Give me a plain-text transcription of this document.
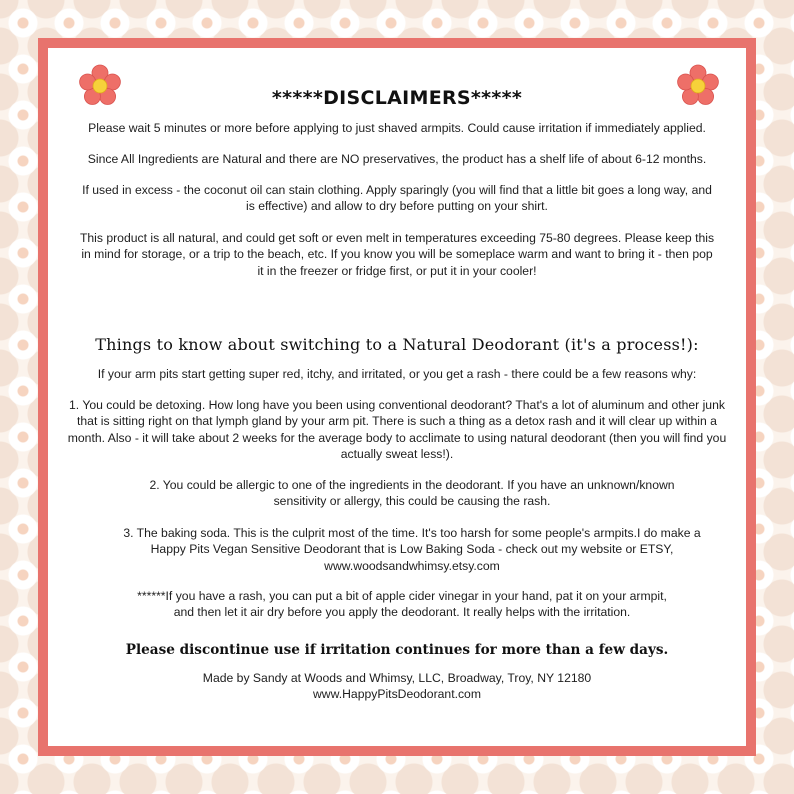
*****DISCLAIMERS*****

Please wait 5 minutes or more before applying to just shaved armpits. Could cause irritation if immediately applied.

Since All Ingredients are Natural and there are NO preservatives, the product has a shelf life of about 6-12 months.

If used in excess - the coconut oil can stain clothing. Apply sparingly (you will find that a little bit goes a long way, and is effective) and allow to dry before putting on your shirt.

This product is all natural, and could get soft or even melt in temperatures exceeding 75-80 degrees. Please keep this in mind for storage, or a trip to the beach, etc. If you know you will be someplace warm and want to bring it - then pop it in the freezer or fridge first, or put it in your cooler!

Things to know about switching to a Natural Deodorant (it's a process!):

If your arm pits start getting super red, itchy, and irritated, or you get a rash - there could be a few reasons why:

1. You could be detoxing. How long have you been using conventional deodorant? That's a lot of aluminum and other junk that is sitting right on that lymph gland by your arm pit. There is such a thing as a detox rash and it will clear up within a month. Also - it will take about 2 weeks for the average body to acclimate to using natural deodorant (then you will find you actually sweat less!).

2. You could be allergic to one of the ingredients in the deodorant. If you have an unknown/known sensitivity or allergy, this could be causing the rash.

3. The baking soda. This is the culprit most of the time. It's too harsh for some people's armpits.I do make a Happy Pits Vegan Sensitive Deodorant that is Low Baking Soda - check out my website or ETSY, www.woodsandwhimsy.etsy.com

******If you have a rash, you can put a bit of apple cider vinegar in your hand, pat it on your armpit, and then let it air dry before you apply the deodorant. It really helps with the irritation.

Please discontinue use if irritation continues for more than a few days.

Made by Sandy at Woods and Whimsy, LLC, Broadway, Troy, NY 12180

www.HappyPitsDeodorant.com
